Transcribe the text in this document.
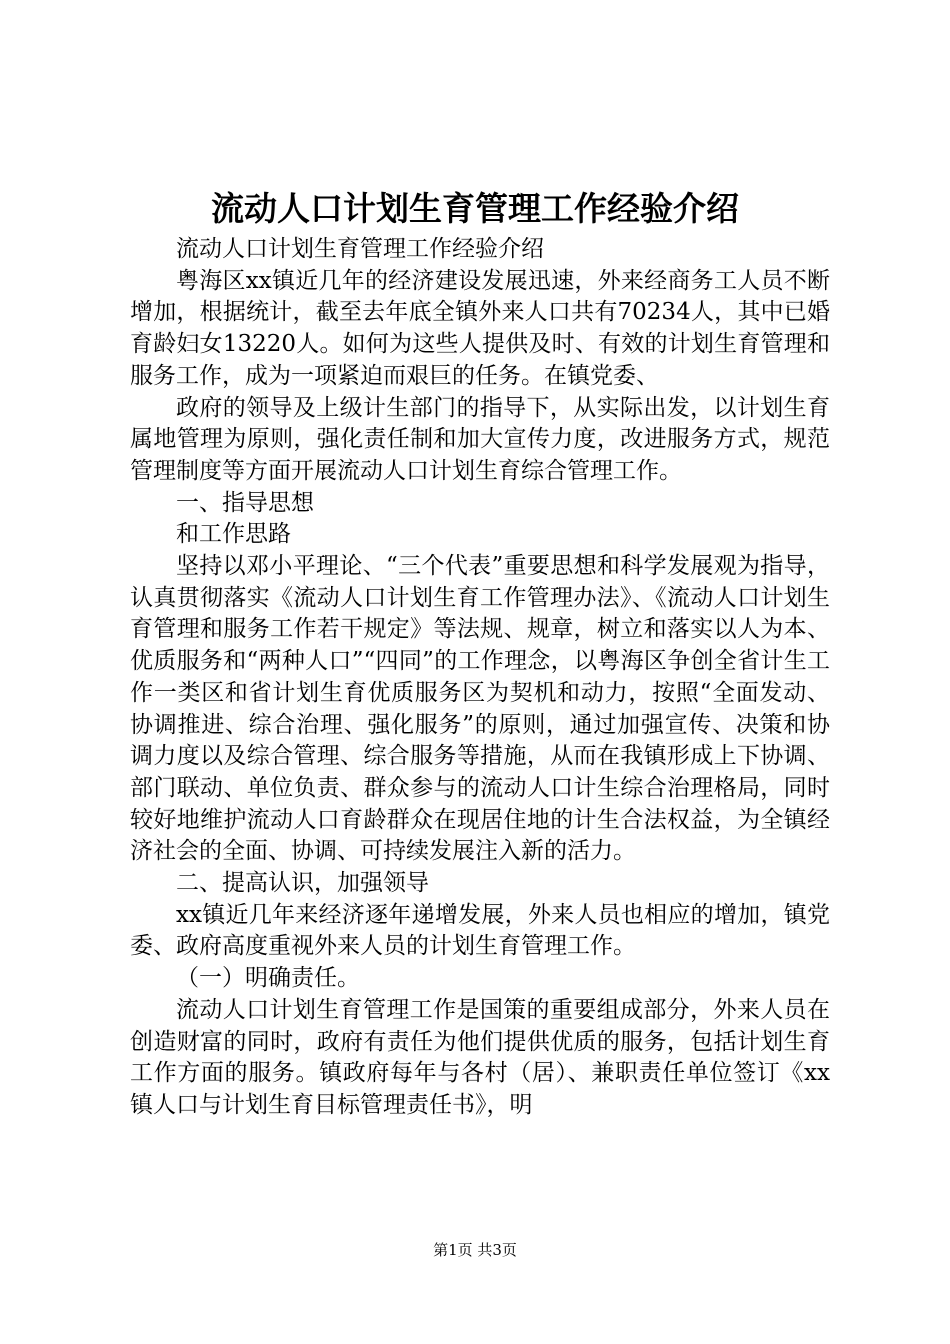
流动人口计划生育管理工作经验介绍

流动人口计划生育管理工作经验介绍

粤海区xx镇近几年的经济建设发展迅速，外来经商务工人员不断增加，根据统计，截至去年底全镇外来人口共有70234人，其中已婚育龄妇女13220人。如何为这些人提供及时、有效的计划生育管理和服务工作，成为一项紧迫而艰巨的任务。在镇党委、

政府的领导及上级计生部门的指导下，从实际出发，以计划生育属地管理为原则，强化责任制和加大宣传力度，改进服务方式，规范管理制度等方面开展流动人口计划生育综合管理工作。

一、指导思想

和工作思路

坚持以邓小平理论、“三个代表”重要思想和科学发展观为指导，认真贯彻落实《流动人口计划生育工作管理办法》、《流动人口计划生育管理和服务工作若干规定》等法规、规章，树立和落实以人为本、优质服务和“两种人口”“四同”的工作理念，以粤海区争创全省计生工作一类区和省计划生育优质服务区为契机和动力，按照“全面发动、协调推进、综合治理、强化服务”的原则，通过加强宣传、决策和协调力度以及综合管理、综合服务等措施，从而在我镇形成上下协调、部门联动、单位负责、群众参与的流动人口计生综合治理格局，同时较好地维护流动人口育龄群众在现居住地的计生合法权益，为全镇经济社会的全面、协调、可持续发展注入新的活力。

二、提高认识，加强领导

xx镇近几年来经济逐年递增发展，外来人员也相应的增加，镇党委、政府高度重视外来人员的计划生育管理工作。

（一）明确责任。

流动人口计划生育管理工作是国策的重要组成部分，外来人员在创造财富的同时，政府有责任为他们提供优质的服务，包括计划生育工作方面的服务。镇政府每年与各村（居）、兼职责任单位签订《xx镇人口与计划生育目标管理责任书》，明

第1页 共3页
